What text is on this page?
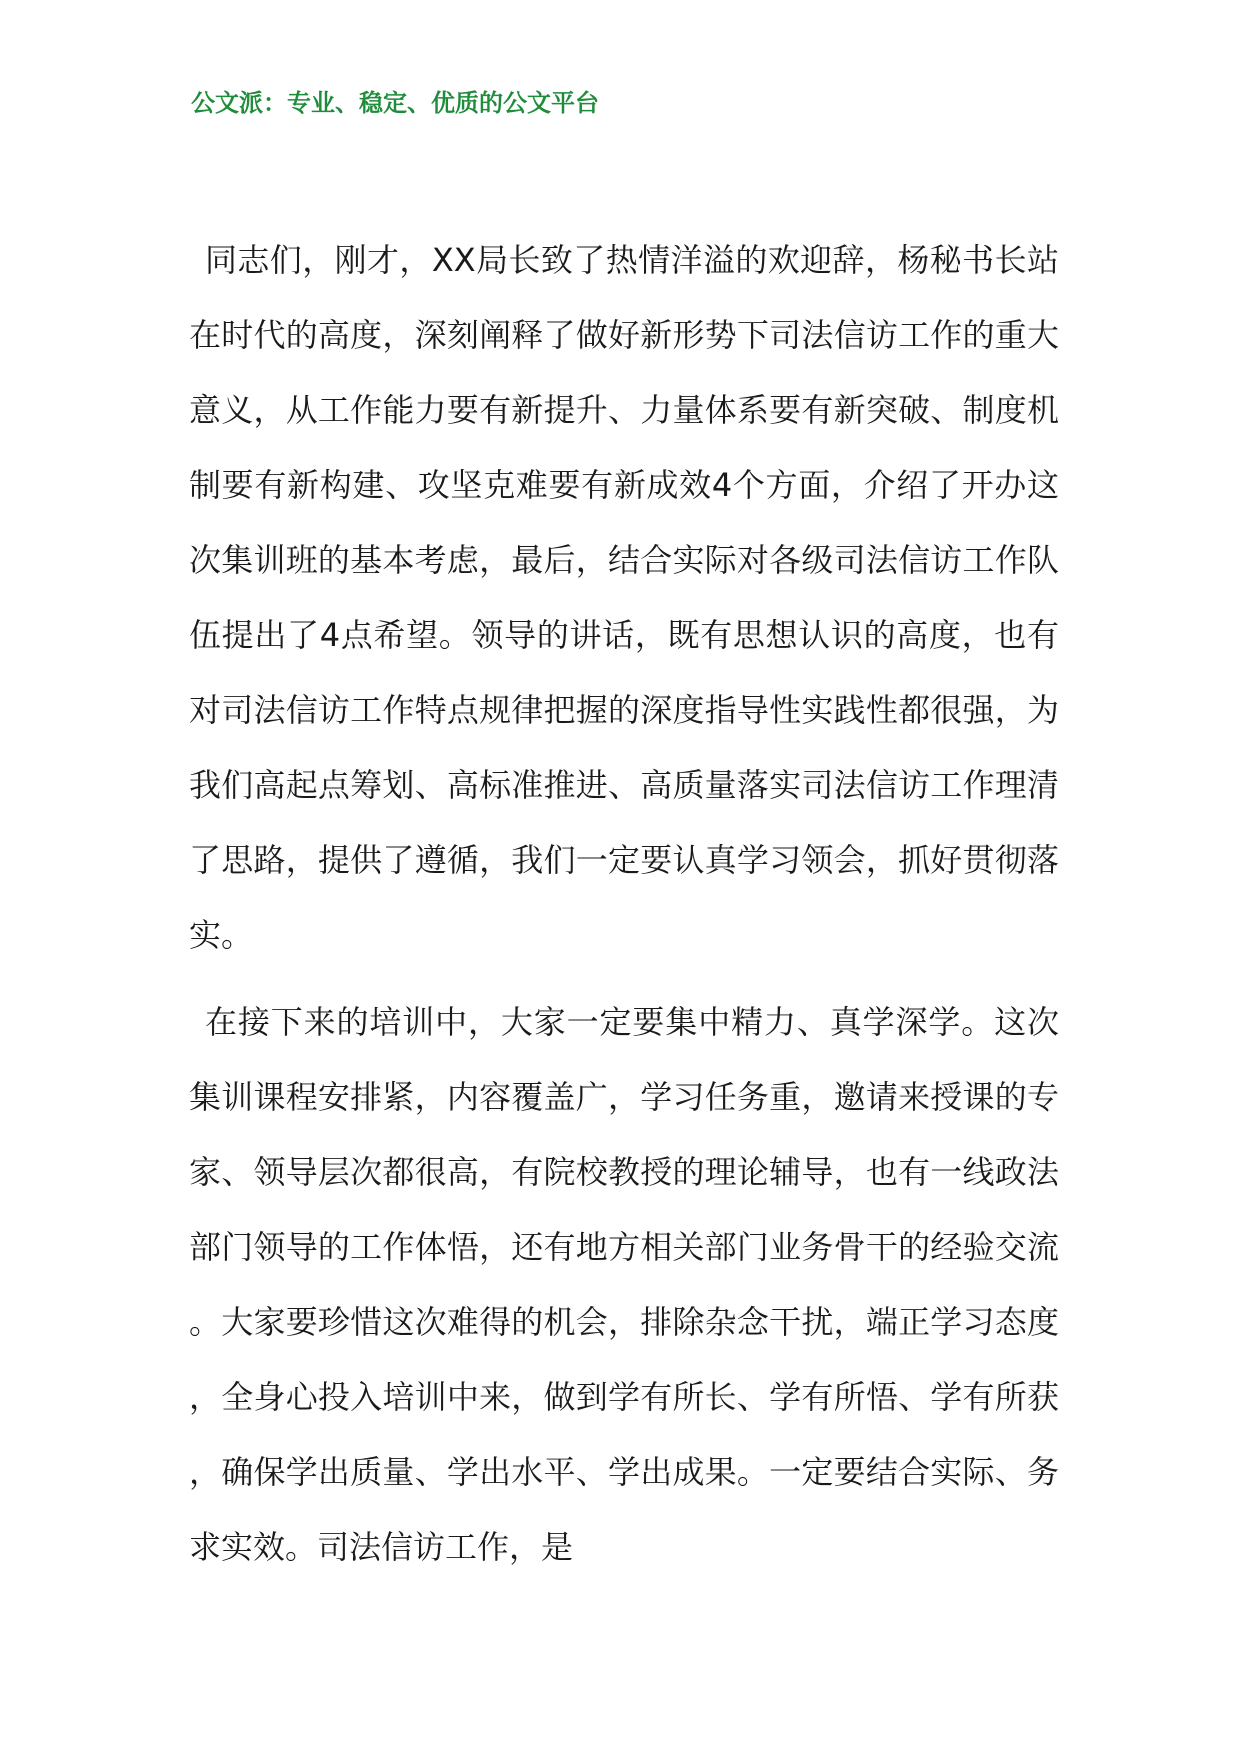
公文派：专业、稳定、优质的公文平台

同志们，刚才，XX局长致了热情洋溢的欢迎辞，杨秘书长站在时代的高度，深刻阐释了做好新形势下司法信访工作的重大意义，从工作能力要有新提升、力量体系要有新突破、制度机制要有新构建、攻坚克难要有新成效4个方面，介绍了开办这次集训班的基本考虑，最后，结合实际对各级司法信访工作队伍提出了4点希望。领导的讲话，既有思想认识的高度，也有对司法信访工作特点规律把握的深度指导性实践性都很强，为我们高起点筹划、高标准推进、高质量落实司法信访工作理清了思路，提供了遵循，我们一定要认真学习领会，抓好贯彻落实。

在接下来的培训中，大家一定要集中精力、真学深学。这次集训课程安排紧，内容覆盖广，学习任务重，邀请来授课的专家、领导层次都很高，有院校教授的理论辅导，也有一线政法部门领导的工作体悟，还有地方相关部门业务骨干的经验交流。大家要珍惜这次难得的机会，排除杂念干扰，端正学习态度，全身心投入培训中来，做到学有所长、学有所悟、学有所获，确保学出质量、学出水平、学出成果。一定要结合实际、务求实效。司法信访工作，是
